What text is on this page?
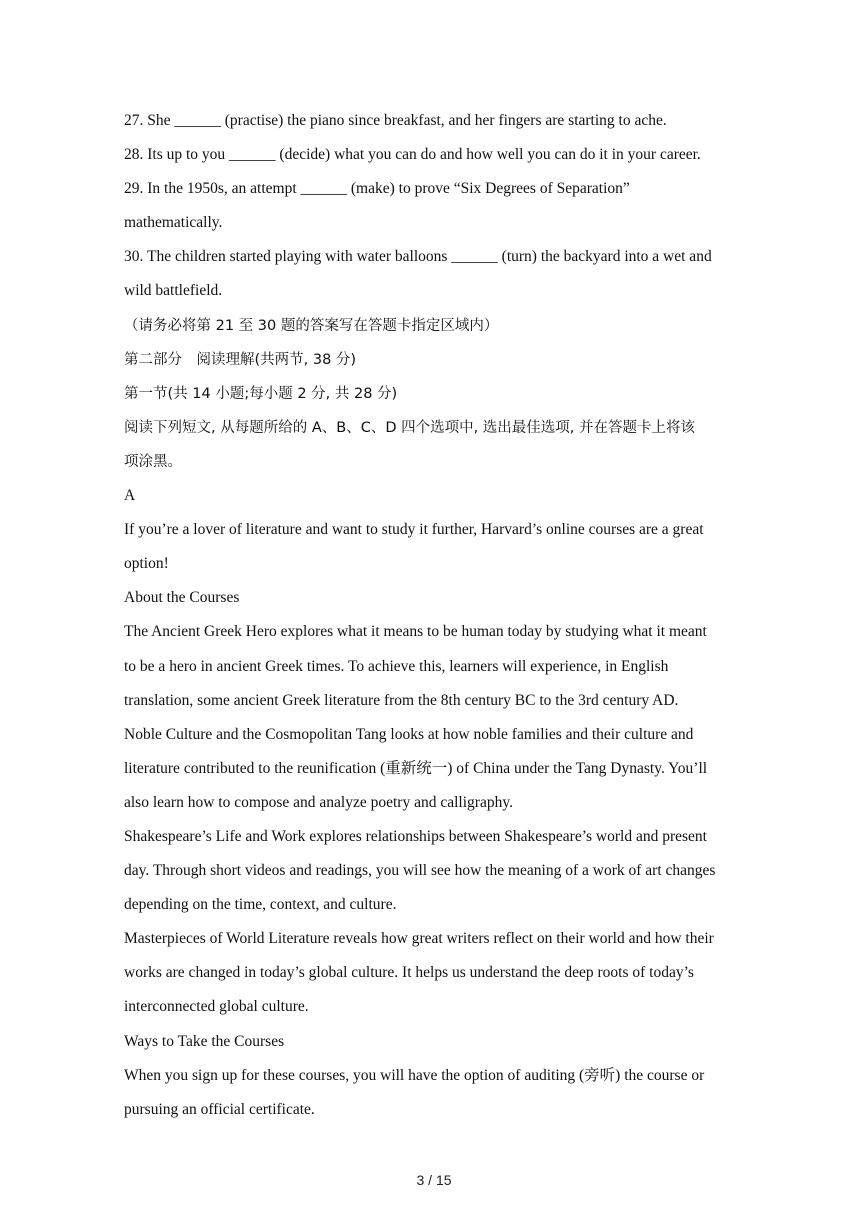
27. She ______ (practise) the piano since breakfast, and her fingers are starting to ache.
28. Its up to you ______ (decide) what you can do and how well you can do it in your career.
29. In the 1950s, an attempt ______ (make) to prove “Six Degrees of Separation”
mathematically.
30. The children started playing with water balloons ______ (turn) the backyard into a wet and
wild battlefield.
（请务必将第 21 至 30 题的答案写在答题卡指定区域内）
第二部分　阅读理解(共两节, 38 分)
第一节(共 14 小题;每小题 2 分, 共 28 分)
阅读下列短文, 从每题所给的 A、B、C、D 四个选项中, 选出最佳选项, 并在答题卡上将该
项涂黑。
A
If you’re a lover of literature and want to study it further, Harvard’s online courses are a great
option!
About the Courses
The Ancient Greek Hero explores what it means to be human today by studying what it meant
to be a hero in ancient Greek times. To achieve this, learners will experience, in English
translation, some ancient Greek literature from the 8th century BC to the 3rd century AD.
Noble Culture and the Cosmopolitan Tang looks at how noble families and their culture and
literature contributed to the reunification (重新统一) of China under the Tang Dynasty. You’ll
also learn how to compose and analyze poetry and calligraphy.
Shakespeare’s Life and Work explores relationships between Shakespeare’s world and present
day. Through short videos and readings, you will see how the meaning of a work of art changes
depending on the time, context, and culture.
Masterpieces of World Literature reveals how great writers reflect on their world and how their
works are changed in today’s global culture. It helps us understand the deep roots of today’s
interconnected global culture.
Ways to Take the Courses
When you sign up for these courses, you will have the option of auditing (旁听) the course or
pursuing an official certificate.
3 / 15
